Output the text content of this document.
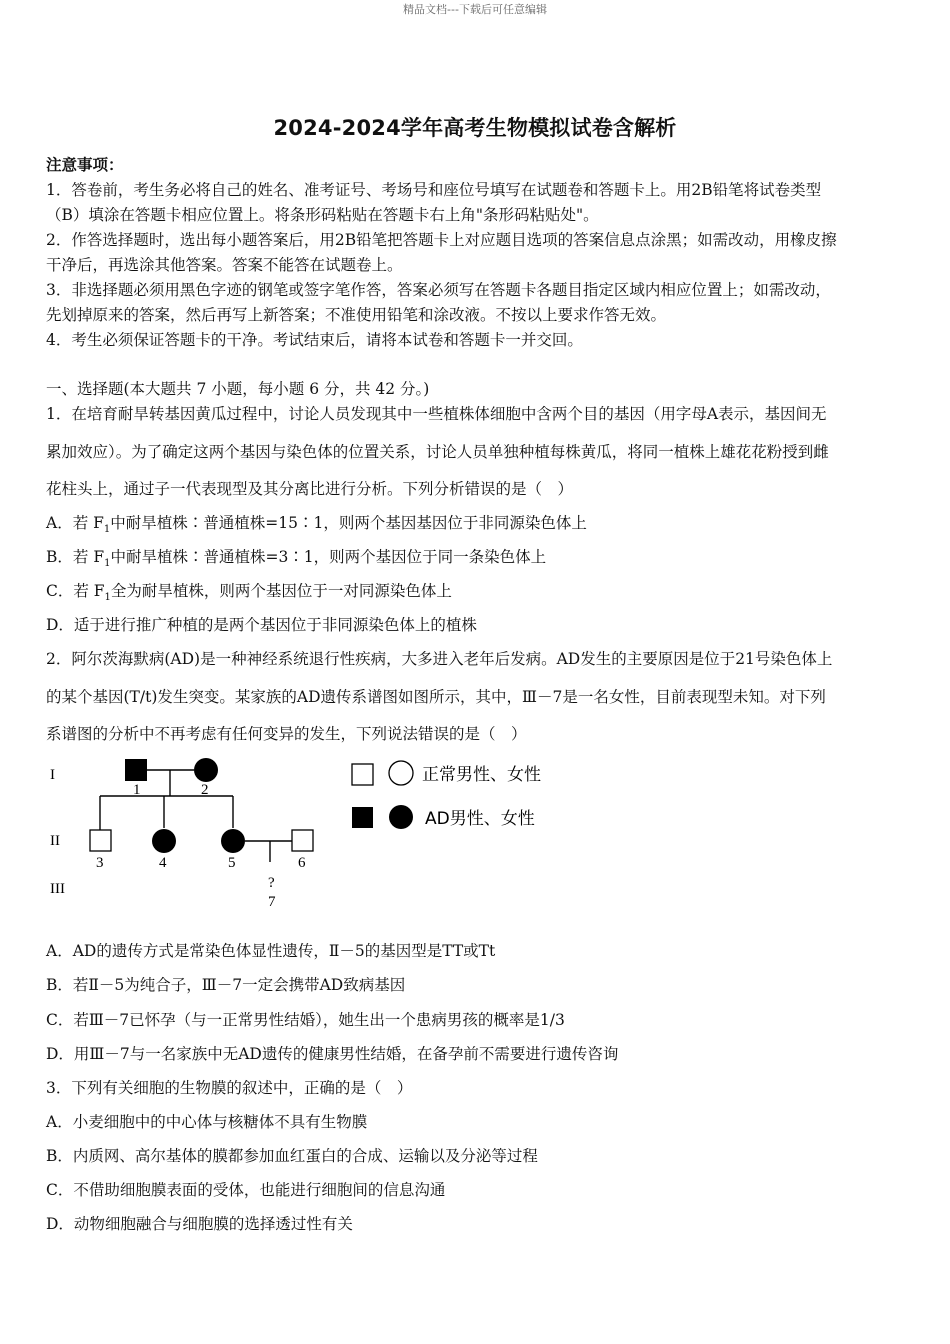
精品文档---下载后可任意编辑
2024-2024学年高考生物模拟试卷含解析
注意事项：
1．答卷前，考生务必将自己的姓名、准考证号、考场号和座位号填写在试题卷和答题卡上。用2B铅笔将试卷类型
（B）填涂在答题卡相应位置上。将条形码粘贴在答题卡右上角"条形码粘贴处"。
2．作答选择题时，选出每小题答案后，用2B铅笔把答题卡上对应题目选项的答案信息点涂黑；如需改动，用橡皮擦
干净后，再选涂其他答案。答案不能答在试题卷上。
3．非选择题必须用黑色字迹的钢笔或签字笔作答，答案必须写在答题卡各题目指定区域内相应位置上；如需改动，
先划掉原来的答案，然后再写上新答案；不准使用铅笔和涂改液。不按以上要求作答无效。
4．考生必须保证答题卡的干净。考试结束后，请将本试卷和答题卡一并交回。
一、选择题(本大题共 7 小题，每小题 6 分，共 42 分。)
1．在培育耐旱转基因黄瓜过程中，讨论人员发现其中一些植株体细胞中含两个目的基因（用字母A表示，基因间无
累加效应）。为了确定这两个基因与染色体的位置关系，讨论人员单独种植每株黄瓜，将同一植株上雄花花粉授到雌
花柱头上，通过子一代表现型及其分离比进行分析。下列分析错误的是（　）
A．若 $F_1$中耐旱植株∶普通植株=15∶1，则两个基因基因位于非同源染色体上
B．若 $F_1$中耐旱植株∶普通植株=3∶1，则两个基因位于同一条染色体上
C．若 $F_1$全为耐旱植株，则两个基因位于一对同源染色体上
D．适于进行推广种植的是两个基因位于非同源染色体上的植株
2．阿尔茨海默病(AD)是一种神经系统退行性疾病，大多进入老年后发病。AD发生的主要原因是位于21号染色体上
的某个基因(T/t)发生突变。某家族的AD遗传系谱图如图所示，其中，Ⅲ－7是一名女性，目前表现型未知。对下列
系谱图的分析中不再考虑有任何变异的发生，下列说法错误的是（　）
I
II
III
1	2
3	4	5	6
?
7
正常男性、女性
AD男性、女性
A．AD的遗传方式是常染色体显性遗传，Ⅱ－5的基因型是TT或Tt
B．若Ⅱ－5为纯合子，Ⅲ－7一定会携带AD致病基因
C．若Ⅲ－7已怀孕（与一正常男性结婚），她生出一个患病男孩的概率是1/3
D．用Ⅲ－7与一名家族中无AD遗传的健康男性结婚，在备孕前不需要进行遗传咨询
3．下列有关细胞的生物膜的叙述中，正确的是（　）
A．小麦细胞中的中心体与核糖体不具有生物膜
B．内质网、高尔基体的膜都参加血红蛋白的合成、运输以及分泌等过程
C．不借助细胞膜表面的受体，也能进行细胞间的信息沟通
D．动物细胞融合与细胞膜的选择透过性有关
